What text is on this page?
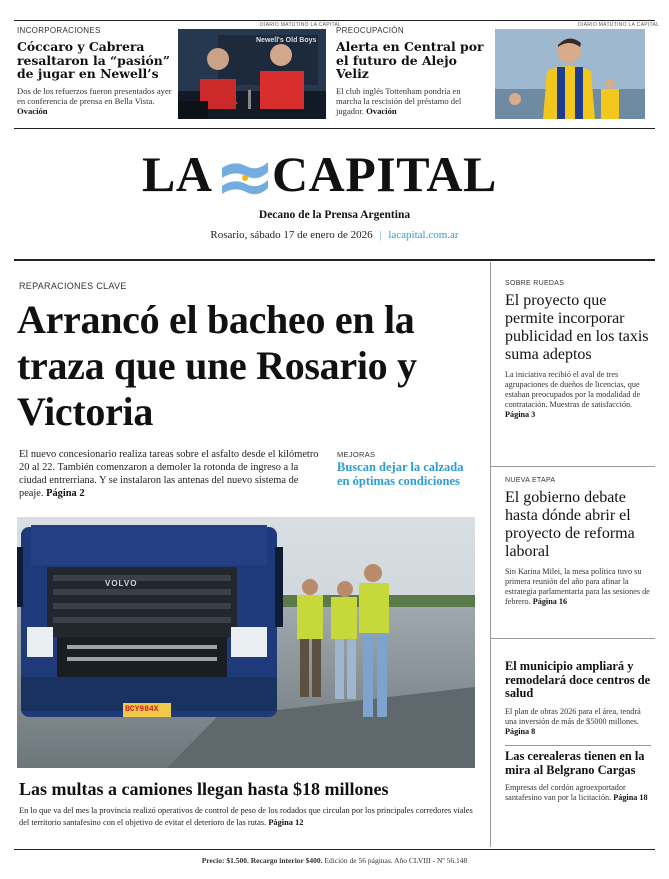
INCORPORACIONES
Cóccaro y Cabrera resaltaron la “pasión” de jugar en Newell’s
Dos de los refuerzos fueron presentados ayer en conferencia de prensa en Bella Vista. Ovación
Newell's Old Boys
DIARIO MATUTINO LA CAPITAL
PREOCUPACIÓN
Alerta en Central por el futuro de Alejo Veliz
El club inglés Tottenham pondría en marcha la rescisión del préstamo del jugador. Ovación
DIARIO MATUTINO LA CAPITAL
LA CAPITAL
Decano de la Prensa Argentina
Rosario, sábado 17 de enero de 2026 | lacapital.com.ar
REPARACIONES CLAVE
Arrancó el bacheo en la traza que une Rosario y Victoria
El nuevo concesionario realiza tareas sobre el asfalto desde el kilómetro 20 al 22. También comenzaron a demoler la rotonda de ingreso a la ciudad entrerriana. Y se instalaron las antenas del nuevo sistema de peaje. Página 2
MEJORAS
Buscan dejar la calzada en óptimas condiciones
VOLVO
BCY984X
Las multas a camiones llegan hasta $18 millones
En lo que va del mes la provincia realizó operativos de control de peso de los rodados que circulan por los principales corredores viales del territorio santafesino con el objetivo de evitar el deterioro de las rutas. Página 12
SOBRE RUEDAS
El proyecto que permite incorporar publicidad en los taxis suma adeptos
La iniciativa recibió el aval de tres agrupaciones de dueños de licencias, que estaban preocupados por la modalidad de contratación. Muestras de satisfacción. Página 3
NUEVA ETAPA
El gobierno debate hasta dónde abrir el proyecto de reforma laboral
Sin Karina Milei, la mesa política tuvo su primera reunión del año para afinar la estrategia parlamentaria para las sesiones de febrero. Página 16
El municipio ampliará y remodelará doce centros de salud
El plan de obras 2026 para el área, tendrá una inversión de más de $5000 millones. Página 8
Las cerealeras tienen en la mira al Belgrano Cargas
Empresas del cordón agroexportador santafesino van por la licitación. Página 18
Precio: $1.500. Recargo interior $400. Edición de 56 páginas. Año CLVIII - Nº 56.148
